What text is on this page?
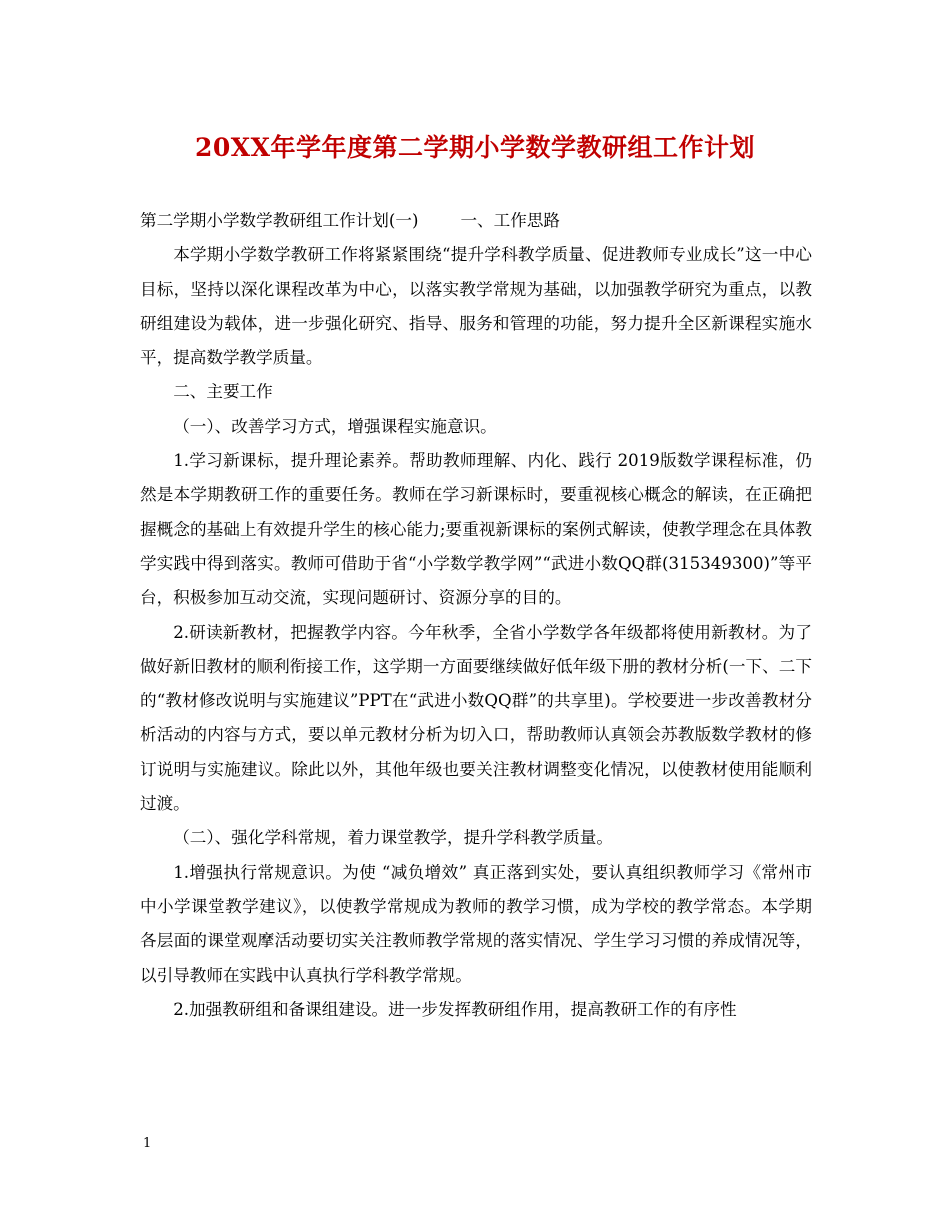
20XX年学年度第二学期小学数学教研组工作计划

第二学期小学数学教研组工作计划(一)	一、工作思路

本学期小学数学教研工作将紧紧围绕“提升学科教学质量、促进教师专业成长”这一中心目标，坚持以深化课程改革为中心，以落实教学常规为基础，以加强教学研究为重点，以教研组建设为载体，进一步强化研究、指导、服务和管理的功能，努力提升全区新课程实施水平，提高数学教学质量。

二、主要工作

（一）、改善学习方式，增强课程实施意识。

1.学习新课标，提升理论素养。帮助教师理解、内化、践行 2019版数学课程标准，仍然是本学期教研工作的重要任务。教师在学习新课标时，要重视核心概念的解读，在正确把握概念的基础上有效提升学生的核心能力;要重视新课标的案例式解读，使教学理念在具体教学实践中得到落实。教师可借助于省“小学数学教学网”“武进小数QQ群(315349300)”等平台，积极参加互动交流，实现问题研讨、资源分享的目的。

2.研读新教材，把握教学内容。今年秋季，全省小学数学各年级都将使用新教材。为了做好新旧教材的顺利衔接工作，这学期一方面要继续做好低年级下册的教材分析(一下、二下的“教材修改说明与实施建议”PPT在“武进小数QQ群”的共享里)。学校要进一步改善教材分析活动的内容与方式，要以单元教材分析为切入口，帮助教师认真领会苏教版数学教材的修订说明与实施建议。除此以外，其他年级也要关注教材调整变化情况，以使教材使用能顺利过渡。

（二）、强化学科常规，着力课堂教学，提升学科教学质量。

1.增强执行常规意识。为使 “减负增效” 真正落到实处，要认真组织教师学习《常州市中小学课堂教学建议》，以使教学常规成为教师的教学习惯，成为学校的教学常态。本学期各层面的课堂观摩活动要切实关注教师教学常规的落实情况、学生学习习惯的养成情况等，以引导教师在实践中认真执行学科教学常规。

2.加强教研组和备课组建设。进一步发挥教研组作用，提高教研工作的有序性

1
